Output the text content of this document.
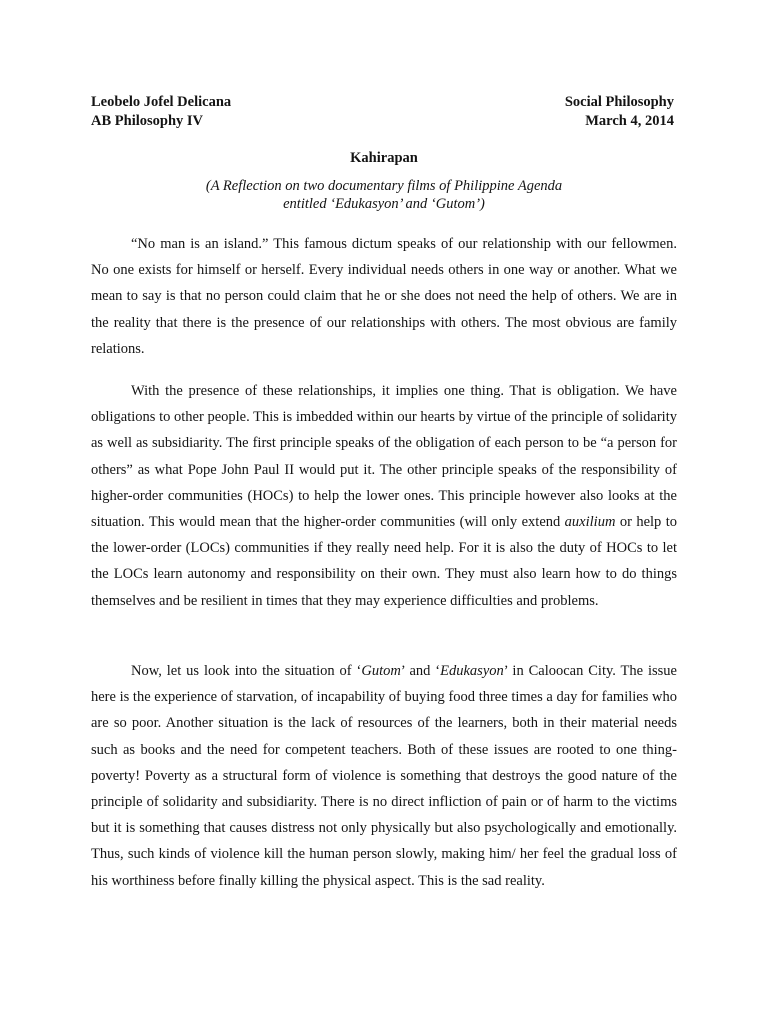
Leobelo Jofel Delicana
AB Philosophy IV
Social Philosophy
March 4, 2014
Kahirapan
(A Reflection on two documentary films of Philippine Agenda
entitled ‘Edukasyon’ and ‘Gutom’)

“No man is an island.” This famous dictum speaks of our relationship with our fellowmen. No one exists for himself or herself. Every individual needs others in one way or another. What we mean to say is that no person could claim that he or she does not need the help of others. We are in the reality that there is the presence of our relationships with others. The most obvious are family relations.

With the presence of these relationships, it implies one thing. That is obligation. We have obligations to other people. This is imbedded within our hearts by virtue of the principle of solidarity as well as subsidiarity. The first principle speaks of the obligation of each person to be “a person for others” as what Pope John Paul II would put it. The other principle speaks of the responsibility of higher-order communities (HOCs) to help the lower ones. This principle however also looks at the situation. This would mean that the higher-order communities (will only extend auxilium or help to the lower-order (LOCs) communities if they really need help. For it is also the duty of HOCs to let the LOCs learn autonomy and responsibility on their own. They must also learn how to do things themselves and be resilient in times that they may experience difficulties and problems.

Now, let us look into the situation of ‘Gutom’ and ‘Edukasyon’ in Caloocan City. The issue here is the experience of starvation, of incapability of buying food three times a day for families who are so poor. Another situation is the lack of resources of the learners, both in their material needs such as books and the need for competent teachers. Both of these issues are rooted to one thing- poverty! Poverty as a structural form of violence is something that destroys the good nature of the principle of solidarity and subsidiarity. There is no direct infliction of pain or of harm to the victims but it is something that causes distress not only physically but also psychologically and emotionally. Thus, such kinds of violence kill the human person slowly, making him/ her feel the gradual loss of his worthiness before finally killing the physical aspect. This is the sad reality.
